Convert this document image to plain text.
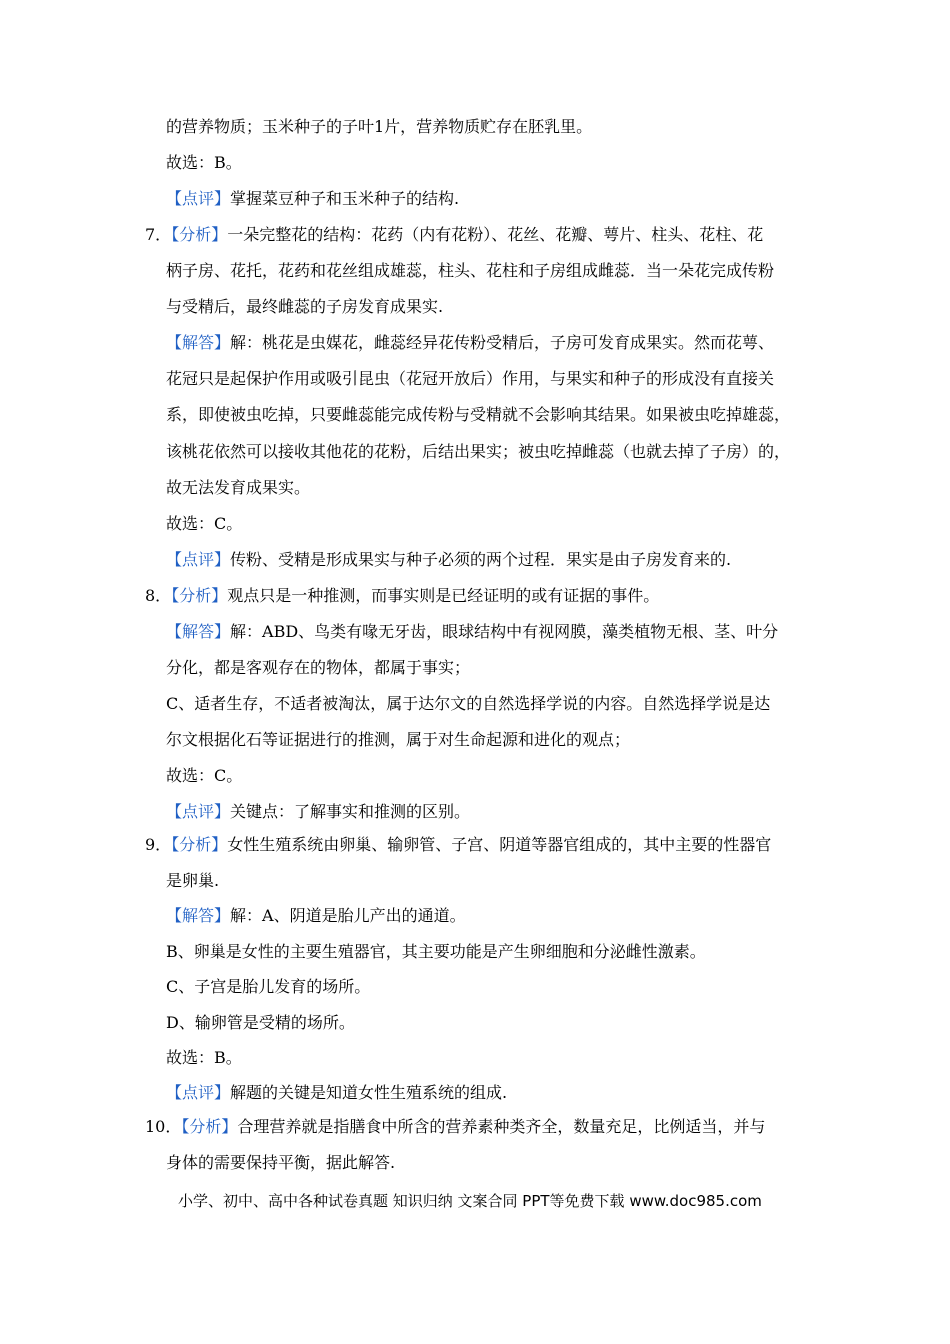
的营养物质；玉米种子的子叶1片，营养物质贮存在胚乳里。
故选：B。
【点评】掌握菜豆种子和玉米种子的结构.
7．【分析】一朵完整花的结构：花药（内有花粉）、花丝、花瓣、萼片、柱头、花柱、花
柄子房、花托，花药和花丝组成雄蕊，柱头、花柱和子房组成雌蕊．当一朵花完成传粉
与受精后，最终雌蕊的子房发育成果实.
【解答】解：桃花是虫媒花，雌蕊经异花传粉受精后，子房可发育成果实。然而花萼、
花冠只是起保护作用或吸引昆虫（花冠开放后）作用，与果实和种子的形成没有直接关
系，即使被虫吃掉，只要雌蕊能完成传粉与受精就不会影响其结果。如果被虫吃掉雄蕊，
该桃花依然可以接收其他花的花粉，后结出果实；被虫吃掉雌蕊（也就去掉了子房）的，
故无法发育成果实。
故选：C。
【点评】传粉、受精是形成果实与种子必须的两个过程．果实是由子房发育来的.
8．【分析】观点只是一种推测，而事实则是已经证明的或有证据的事件。
【解答】解：ABD、鸟类有喙无牙齿，眼球结构中有视网膜，藻类植物无根、茎、叶分
分化，都是客观存在的物体，都属于事实；
C、适者生存，不适者被淘汰，属于达尔文的自然选择学说的内容。自然选择学说是达
尔文根据化石等证据进行的推测，属于对生命起源和进化的观点；
故选：C。
【点评】关键点：了解事实和推测的区别。
9．【分析】女性生殖系统由卵巢、输卵管、子宫、阴道等器官组成的，其中主要的性器官
是卵巢.
【解答】解：A、阴道是胎儿产出的通道。
B、卵巢是女性的主要生殖器官，其主要功能是产生卵细胞和分泌雌性激素。
C、子宫是胎儿发育的场所。
D、输卵管是受精的场所。
故选：B。
【点评】解题的关键是知道女性生殖系统的组成.
10．【分析】合理营养就是指膳食中所含的营养素种类齐全，数量充足，比例适当，并与
身体的需要保持平衡，据此解答.
小学、初中、高中各种试卷真题 知识归纳 文案合同 PPT等免费下载 www.doc985.com
